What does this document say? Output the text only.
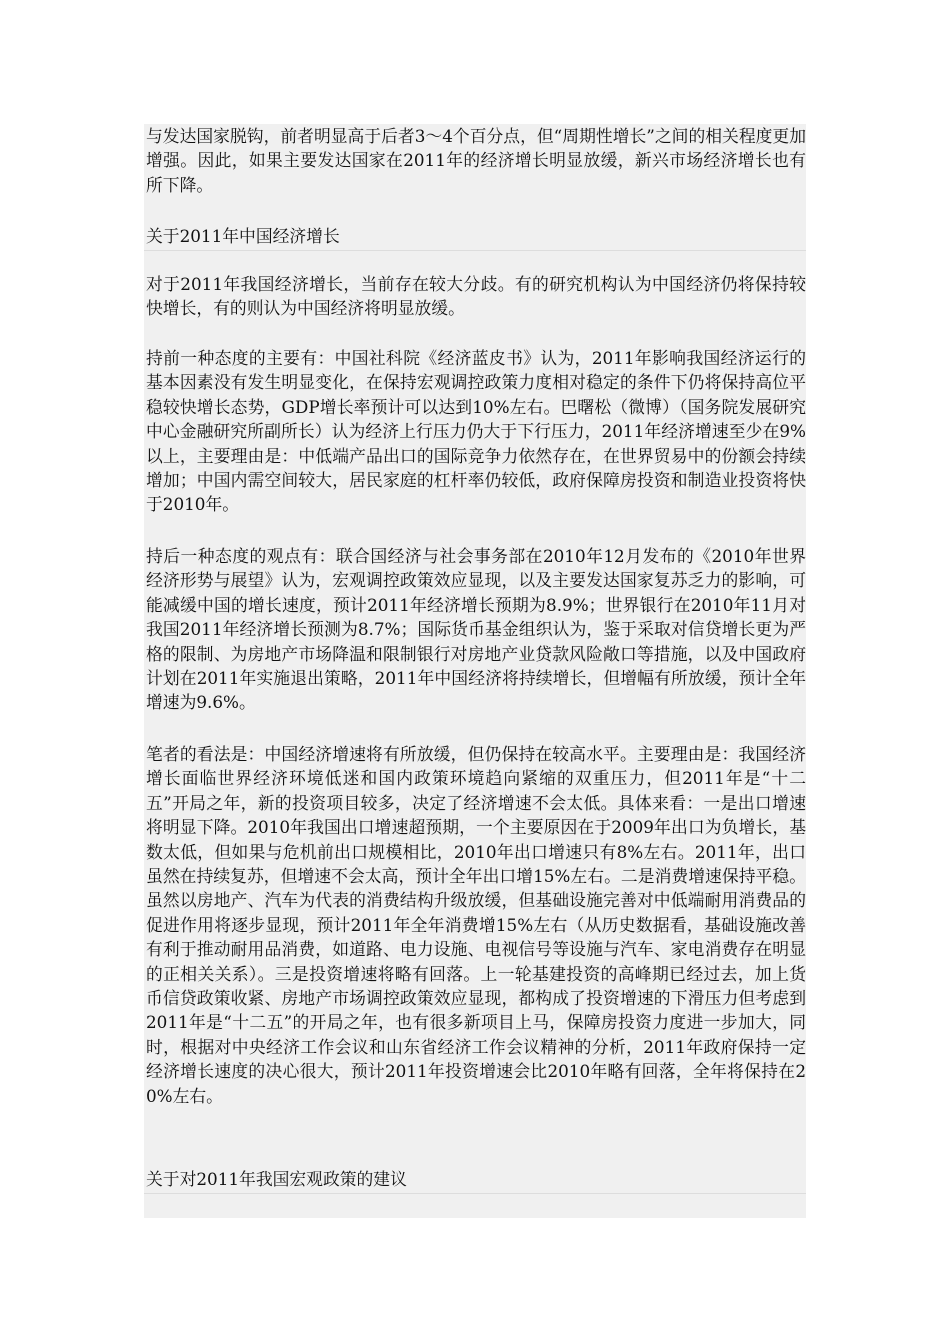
与发达国家脱钩，前者明显高于后者3～4个百分点，但“周期性增长”之间的相关程度更加增强。因此，如果主要发达国家在2011年的经济增长明显放缓，新兴市场经济增长也有所下降。

关于2011年中国经济增长

对于2011年我国经济增长，当前存在较大分歧。有的研究机构认为中国经济仍将保持较快增长，有的则认为中国经济将明显放缓。

持前一种态度的主要有：中国社科院《经济蓝皮书》认为，2011年影响我国经济运行的基本因素没有发生明显变化，在保持宏观调控政策力度相对稳定的条件下仍将保持高位平稳较快增长态势，GDP增长率预计可以达到10%左右。巴曙松（微博）（国务院发展研究中心金融研究所副所长）认为经济上行压力仍大于下行压力，2011年经济增速至少在9%以上，主要理由是：中低端产品出口的国际竞争力依然存在，在世界贸易中的份额会持续增加；中国内需空间较大，居民家庭的杠杆率仍较低，政府保障房投资和制造业投资将快于2010年。

持后一种态度的观点有：联合国经济与社会事务部在2010年12月发布的《2010年世界经济形势与展望》认为，宏观调控政策效应显现，以及主要发达国家复苏乏力的影响，可能减缓中国的增长速度，预计2011年经济增长预期为8.9%；世界银行在2010年11月对我国2011年经济增长预测为8.7%；国际货币基金组织认为，鉴于采取对信贷增长更为严格的限制、为房地产市场降温和限制银行对房地产业贷款风险敞口等措施，以及中国政府计划在2011年实施退出策略，2011年中国经济将持续增长，但增幅有所放缓，预计全年增速为9.6%。

笔者的看法是：中国经济增速将有所放缓，但仍保持在较高水平。主要理由是：我国经济增长面临世界经济环境低迷和国内政策环境趋向紧缩的双重压力，但2011年是“十二五”开局之年，新的投资项目较多，决定了经济增速不会太低。具体来看：一是出口增速将明显下降。2010年我国出口增速超预期，一个主要原因在于2009年出口为负增长，基数太低，但如果与危机前出口规模相比，2010年出口增速只有8%左右。2011年，出口虽然在持续复苏，但增速不会太高，预计全年出口增15%左右。二是消费增速保持平稳。虽然以房地产、汽车为代表的消费结构升级放缓，但基础设施完善对中低端耐用消费品的促进作用将逐步显现，预计2011年全年消费增15%左右（从历史数据看，基础设施改善有利于推动耐用品消费，如道路、电力设施、电视信号等设施与汽车、家电消费存在明显的正相关关系）。三是投资增速将略有回落。上一轮基建投资的高峰期已经过去，加上货币信贷政策收紧、房地产市场调控政策效应显现，都构成了投资增速的下滑压力但考虑到2011年是“十二五”的开局之年，也有很多新项目上马，保障房投资力度进一步加大，同时，根据对中央经济工作会议和山东省经济工作会议精神的分析，2011年政府保持一定经济增长速度的决心很大，预计2011年投资增速会比2010年略有回落，全年将保持在20%左右。

关于对2011年我国宏观政策的建议
